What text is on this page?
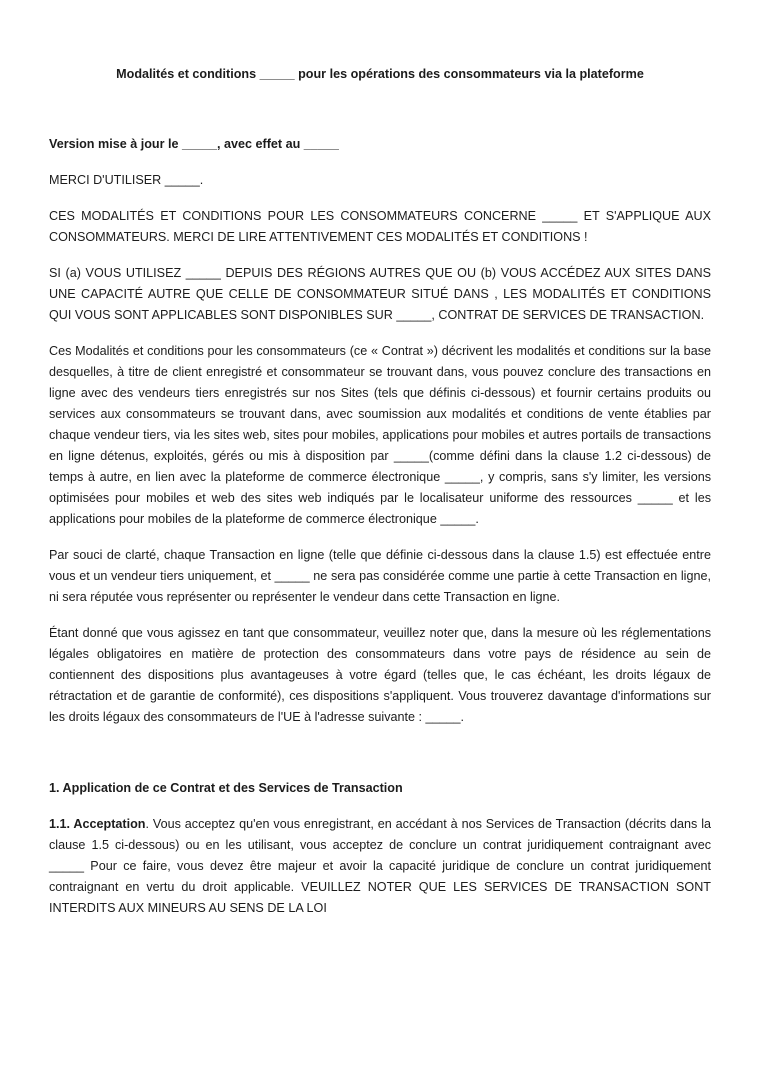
Modalités et conditions _____ pour les opérations des consommateurs via la plateforme

Version mise à jour le _____, avec effet au _____

MERCI D'UTILISER _____.

CES MODALITÉS ET CONDITIONS POUR LES CONSOMMATEURS CONCERNE _____ ET S'APPLIQUE AUX CONSOMMATEURS. MERCI DE LIRE ATTENTIVEMENT CES MODALITÉS ET CONDITIONS !

SI (a) VOUS UTILISEZ _____ DEPUIS DES RÉGIONS AUTRES QUE OU (b) VOUS ACCÉDEZ AUX SITES DANS UNE CAPACITÉ AUTRE QUE CELLE DE CONSOMMATEUR SITUÉ DANS , LES MODALITÉS ET CONDITIONS QUI VOUS SONT APPLICABLES SONT DISPONIBLES SUR _____, CONTRAT DE SERVICES DE TRANSACTION.

Ces Modalités et conditions pour les consommateurs (ce « Contrat ») décrivent les modalités et conditions sur la base desquelles, à titre de client enregistré et consommateur se trouvant dans, vous pouvez conclure des transactions en ligne avec des vendeurs tiers enregistrés sur nos Sites (tels que définis ci-dessous) et fournir certains produits ou services aux consommateurs se trouvant dans, avec soumission aux modalités et conditions de vente établies par chaque vendeur tiers, via les sites web, sites pour mobiles, applications pour mobiles et autres portails de transactions en ligne détenus, exploités, gérés ou mis à disposition par _____(comme défini dans la clause 1.2 ci-dessous) de temps à autre, en lien avec la plateforme de commerce électronique _____, y compris, sans s'y limiter, les versions optimisées pour mobiles et web des sites web indiqués par le localisateur uniforme des ressources _____ et les applications pour mobiles de la plateforme de commerce électronique _____.

Par souci de clarté, chaque Transaction en ligne (telle que définie ci-dessous dans la clause 1.5) est effectuée entre vous et un vendeur tiers uniquement, et _____ ne sera pas considérée comme une partie à cette Transaction en ligne, ni sera réputée vous représenter ou représenter le vendeur dans cette Transaction en ligne.

Étant donné que vous agissez en tant que consommateur, veuillez noter que, dans la mesure où les réglementations légales obligatoires en matière de protection des consommateurs dans votre pays de résidence au sein de contiennent des dispositions plus avantageuses à votre égard (telles que, le cas échéant, les droits légaux de rétractation et de garantie de conformité), ces dispositions s'appliquent. Vous trouverez davantage d'informations sur les droits légaux des consommateurs de l'UE à l'adresse suivante : _____.

1. Application de ce Contrat et des Services de Transaction

1.1. Acceptation. Vous acceptez qu'en vous enregistrant, en accédant à nos Services de Transaction (décrits dans la clause 1.5 ci-dessous) ou en les utilisant, vous acceptez de conclure un contrat juridiquement contraignant avec _____ Pour ce faire, vous devez être majeur et avoir la capacité juridique de conclure un contrat juridiquement contraignant en vertu du droit applicable. VEUILLEZ NOTER QUE LES SERVICES DE TRANSACTION SONT INTERDITS AUX MINEURS AU SENS DE LA LOI
